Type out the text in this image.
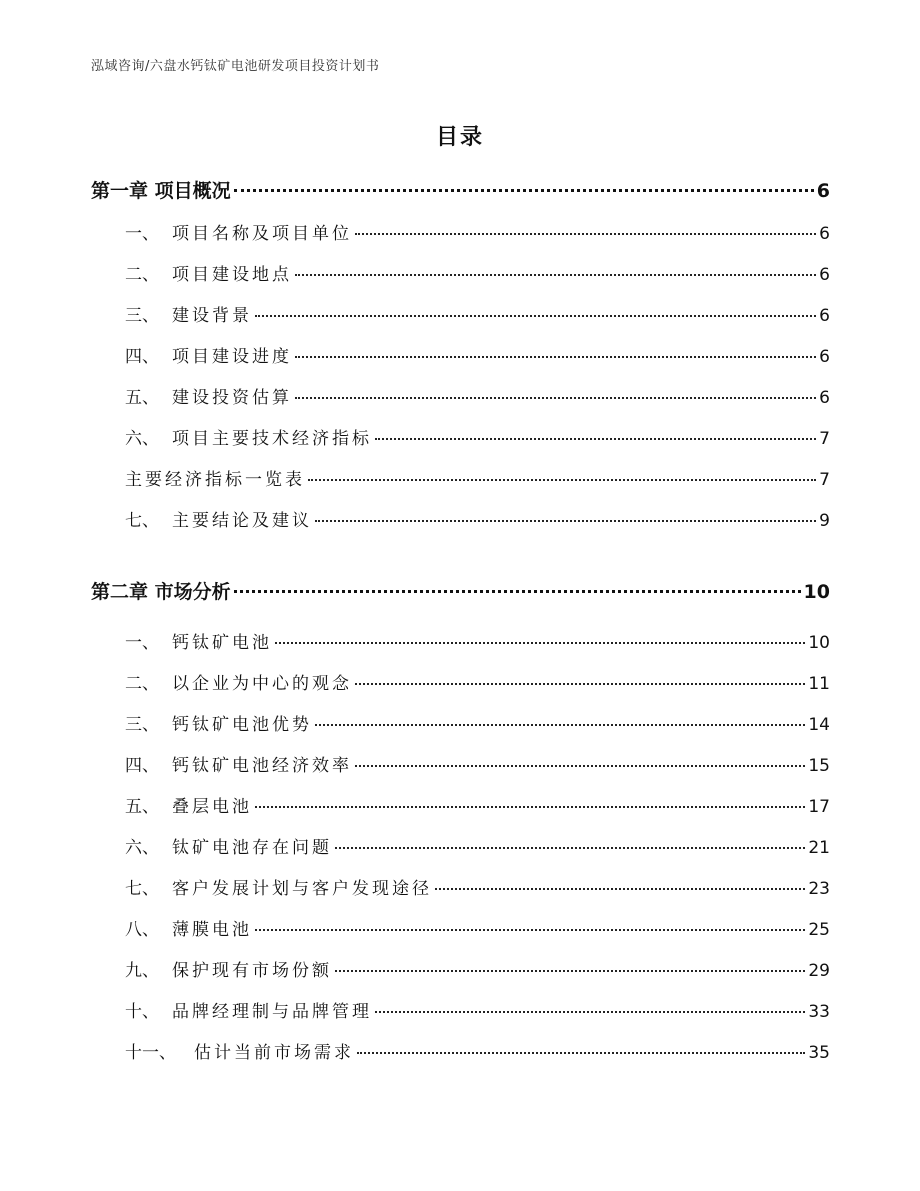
泓域咨询/六盘水钙钛矿电池研发项目投资计划书
目录
第一章 项目概况	6
一、 项目名称及项目单位	6
二、 项目建设地点	6
三、 建设背景	6
四、 项目建设进度	6
五、 建设投资估算	6
六、 项目主要技术经济指标	7
主要经济指标一览表	7
七、 主要结论及建议	9
第二章 市场分析	10
一、 钙钛矿电池	10
二、 以企业为中心的观念	11
三、 钙钛矿电池优势	14
四、 钙钛矿电池经济效率	15
五、 叠层电池	17
六、 钛矿电池存在问题	21
七、 客户发展计划与客户发现途径	23
八、 薄膜电池	25
九、 保护现有市场份额	29
十、 品牌经理制与品牌管理	33
十一、 估计当前市场需求	35
